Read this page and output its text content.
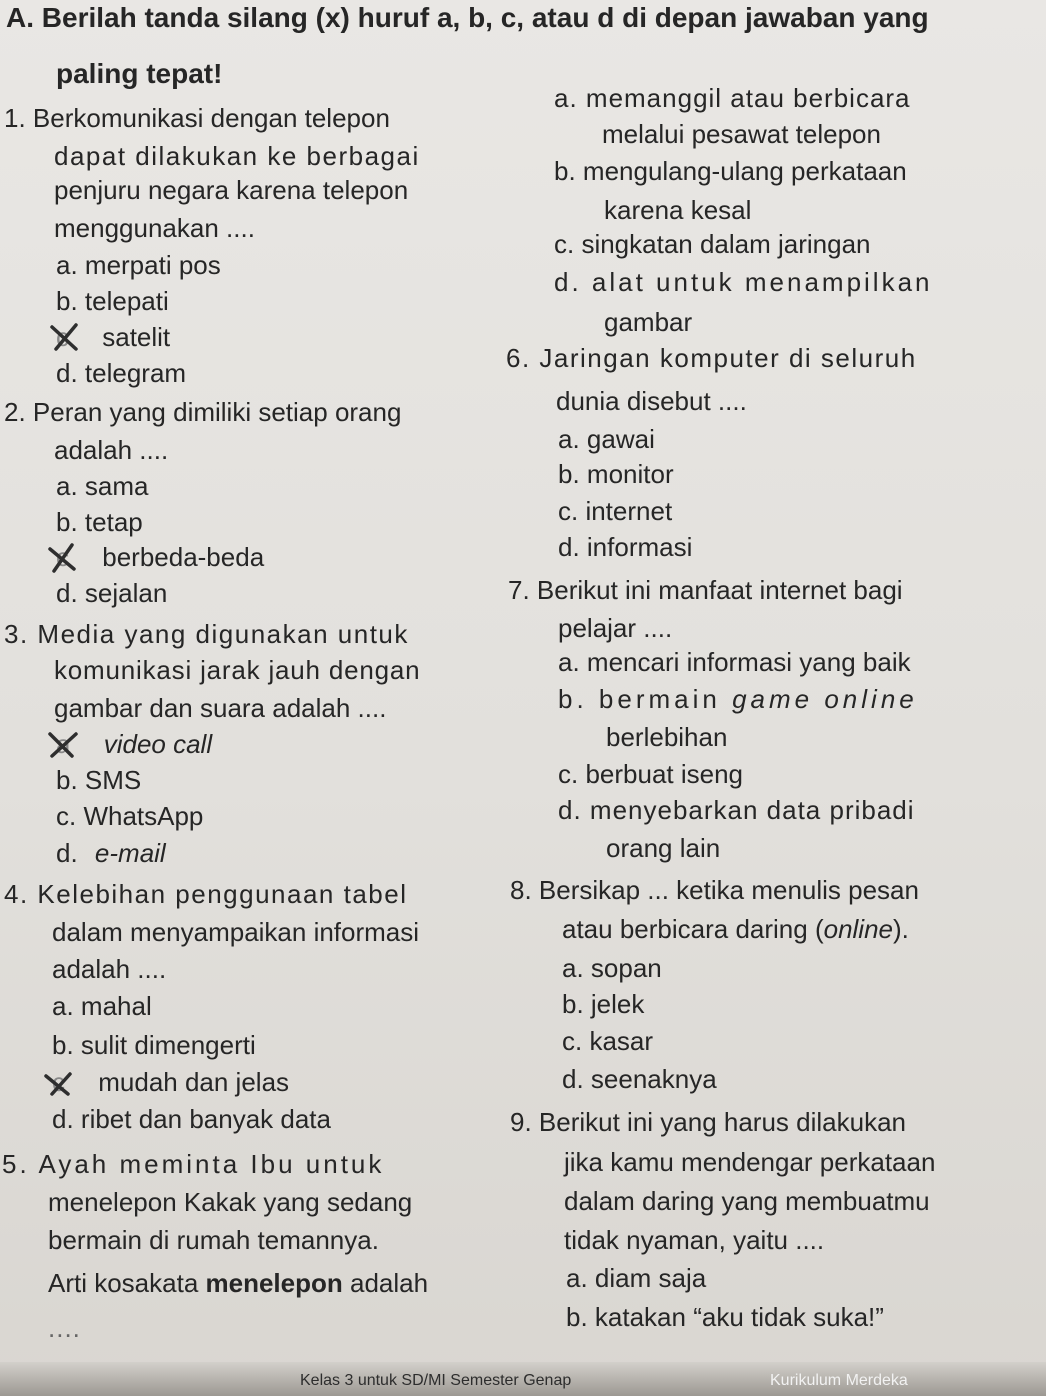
A. Berilah tanda silang (x) huruf a, b, c, atau d di depan jawaban yang
paling tepat!
1. Berkomunikasi dengan telepon
dapat dilakukan ke berbagai
penjuru negara karena telepon
menggunakan ....
a. merpati pos
b. telepati
c satelit
d. telegram
2. Peran yang dimiliki setiap orang
adalah ....
a. sama
b. tetap
c berbeda-beda
d. sejalan
3. Media yang digunakan untuk
komunikasi jarak jauh dengan
gambar dan suara adalah ....
a video call
b. SMS
c. WhatsApp
d. e-mail
4. Kelebihan penggunaan tabel
dalam menyampaikan informasi
adalah ....
a. mahal
b. sulit dimengerti
c mudah dan jelas
d. ribet dan banyak data
5. Ayah meminta Ibu untuk
menelepon Kakak yang sedang
bermain di rumah temannya.
Arti kosakata menelepon adalah
....
a. memanggil atau berbicara
melalui pesawat telepon
b. mengulang-ulang perkataan
karena kesal
c. singkatan dalam jaringan
d. alat untuk menampilkan
gambar
6. Jaringan komputer di seluruh
dunia disebut ....
a. gawai
b. monitor
c. internet
d. informasi
7. Berikut ini manfaat internet bagi
pelajar ....
a. mencari informasi yang baik
b. bermain game online
berlebihan
c. berbuat iseng
d. menyebarkan data pribadi
orang lain
8. Bersikap ... ketika menulis pesan
atau berbicara daring (online).
a. sopan
b. jelek
c. kasar
d. seenaknya
9. Berikut ini yang harus dilakukan
jika kamu mendengar perkataan
dalam daring yang membuatmu
tidak nyaman, yaitu ....
a. diam saja
b. katakan “aku tidak suka!”
Kelas 3 untuk SD/MI Semester Genap	Kurikulum Merdeka
